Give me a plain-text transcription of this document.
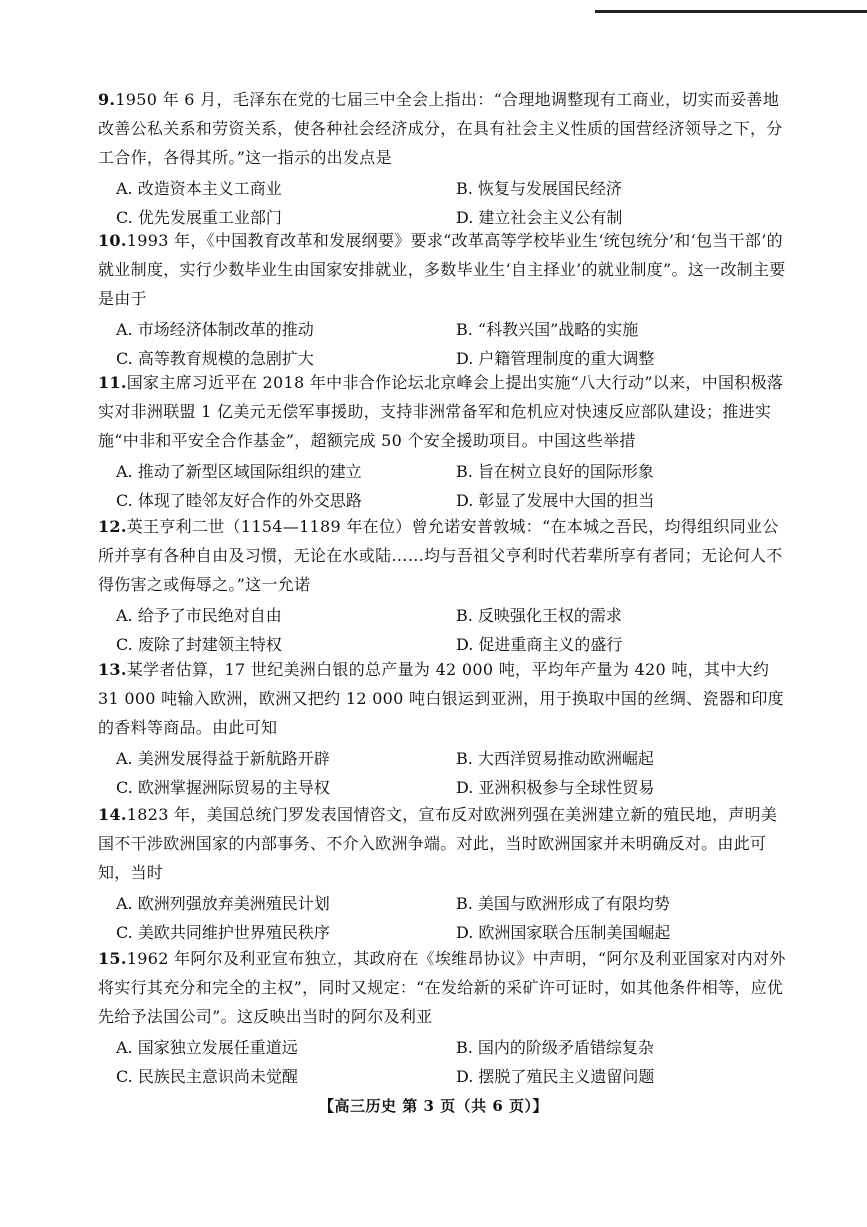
9.1950 年 6 月，毛泽东在党的七届三中全会上指出：“合理地调整现有工商业，切实而妥善地改善公私关系和劳资关系，使各种社会经济成分，在具有社会主义性质的国营经济领导之下，分工合作，各得其所。”这一指示的出发点是
A. 改造资本主义工商业	B. 恢复与发展国民经济
C. 优先发展重工业部门	D. 建立社会主义公有制
10.1993 年，《中国教育改革和发展纲要》要求“改革高等学校毕业生‘统包统分’和‘包当干部’的就业制度，实行少数毕业生由国家安排就业，多数毕业生‘自主择业’的就业制度”。这一改制主要是由于
A. 市场经济体制改革的推动	B. “科教兴国”战略的实施
C. 高等教育规模的急剧扩大	D. 户籍管理制度的重大调整
11.国家主席习近平在 2018 年中非合作论坛北京峰会上提出实施“八大行动”以来，中国积极落实对非洲联盟 1 亿美元无偿军事援助，支持非洲常备军和危机应对快速反应部队建设；推进实施“中非和平安全合作基金”，超额完成 50 个安全援助项目。中国这些举措
A. 推动了新型区域国际组织的建立	B. 旨在树立良好的国际形象
C. 体现了睦邻友好合作的外交思路	D. 彰显了发展中大国的担当
12.英王亨利二世（1154—1189 年在位）曾允诺安普敦城：“在本城之吾民，均得组织同业公所并享有各种自由及习惯，无论在水或陆……均与吾祖父亨利时代若辈所享有者同；无论何人不得伤害之或侮辱之。”这一允诺
A. 给予了市民绝对自由	B. 反映强化王权的需求
C. 废除了封建领主特权	D. 促进重商主义的盛行
13.某学者估算，17 世纪美洲白银的总产量为 42 000 吨，平均年产量为 420 吨，其中大约 31 000 吨输入欧洲，欧洲又把约 12 000 吨白银运到亚洲，用于换取中国的丝绸、瓷器和印度的香料等商品。由此可知
A. 美洲发展得益于新航路开辟	B. 大西洋贸易推动欧洲崛起
C. 欧洲掌握洲际贸易的主导权	D. 亚洲积极参与全球性贸易
14.1823 年，美国总统门罗发表国情咨文，宣布反对欧洲列强在美洲建立新的殖民地，声明美国不干涉欧洲国家的内部事务、不介入欧洲争端。对此，当时欧洲国家并未明确反对。由此可知，当时
A. 欧洲列强放弃美洲殖民计划	B. 美国与欧洲形成了有限均势
C. 美欧共同维护世界殖民秩序	D. 欧洲国家联合压制美国崛起
15.1962 年阿尔及利亚宣布独立，其政府在《埃维昂协议》中声明，“阿尔及利亚国家对内对外将实行其充分和完全的主权”，同时又规定：“在发给新的采矿许可证时，如其他条件相等，应优先给予法国公司”。这反映出当时的阿尔及利亚
A. 国家独立发展任重道远	B. 国内的阶级矛盾错综复杂
C. 民族民主意识尚未觉醒	D. 摆脱了殖民主义遗留问题
【高三历史 第 3 页（共 6 页）】
